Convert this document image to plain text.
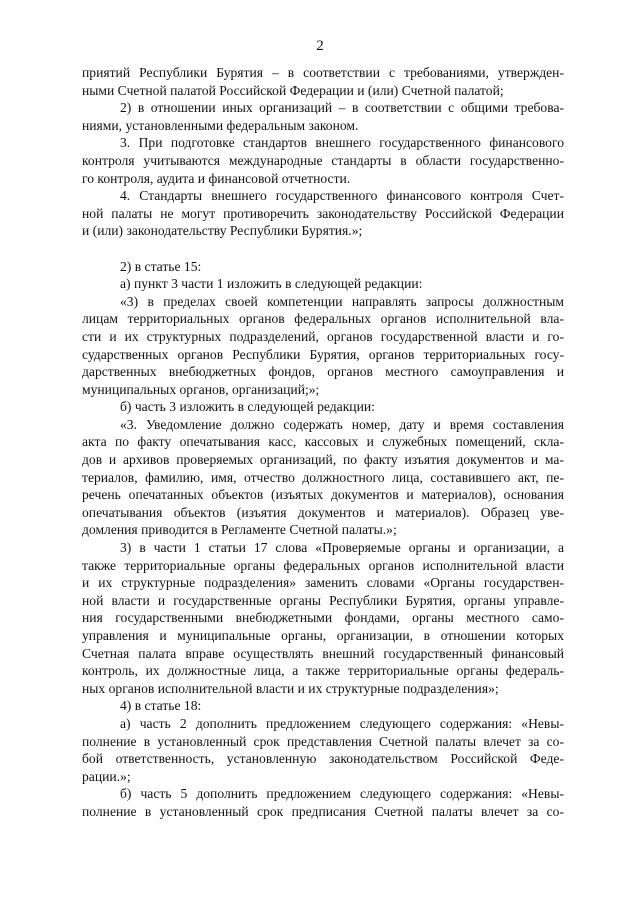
2
приятий Республики Бурятия – в соответствии с требованиями, утвержден-
ными Счетной палатой Российской Федерации и (или) Счетной палатой;
2) в отношении иных организаций – в соответствии с общими требова-
ниями, установленными федеральным законом.
3. При подготовке стандартов внешнего государственного финансового
контроля учитываются международные стандарты в области государственно-
го контроля, аудита и финансовой отчетности.
4. Стандарты внешнего государственного финансового контроля Счет-
ной палаты не могут противоречить законодательству Российской Федерации
и (или) законодательству Республики Бурятия.»;
2) в статье 15:
а) пункт 3 части 1 изложить в следующей редакции:
«3) в пределах своей компетенции направлять запросы должностным
лицам территориальных органов федеральных органов исполнительной вла-
сти и их структурных подразделений, органов государственной власти и го-
сударственных органов Республики Бурятия, органов территориальных госу-
дарственных внебюджетных фондов, органов местного самоуправления и
муниципальных органов, организаций;»;
б) часть 3 изложить в следующей редакции:
«3. Уведомление должно содержать номер, дату и время составления
акта по факту опечатывания касс, кассовых и служебных помещений, скла-
дов и архивов проверяемых организаций, по факту изъятия документов и ма-
териалов, фамилию, имя, отчество должностного лица, составившего акт, пе-
речень опечатанных объектов (изъятых документов и материалов), основания
опечатывания объектов (изъятия документов и материалов). Образец уве-
домления приводится в Регламенте Счетной палаты.»;
3) в части 1 статьи 17 слова «Проверяемые органы и организации, а
также территориальные органы федеральных органов исполнительной власти
и их структурные подразделения» заменить словами «Органы государствен-
ной власти и государственные органы Республики Бурятия, органы управле-
ния государственными внебюджетными фондами, органы местного само-
управления и муниципальные органы, организации, в отношении которых
Счетная палата вправе осуществлять внешний государственный финансовый
контроль, их должностные лица, а также территориальные органы федераль-
ных органов исполнительной власти и их структурные подразделения»;
4) в статье 18:
а) часть 2 дополнить предложением следующего содержания: «Невы-
полнение в установленный срок представления Счетной палаты влечет за со-
бой ответственность, установленную законодательством Российской Феде-
рации.»;
б) часть 5 дополнить предложением следующего содержания: «Невы-
полнение в установленный срок предписания Счетной палаты влечет за со-
